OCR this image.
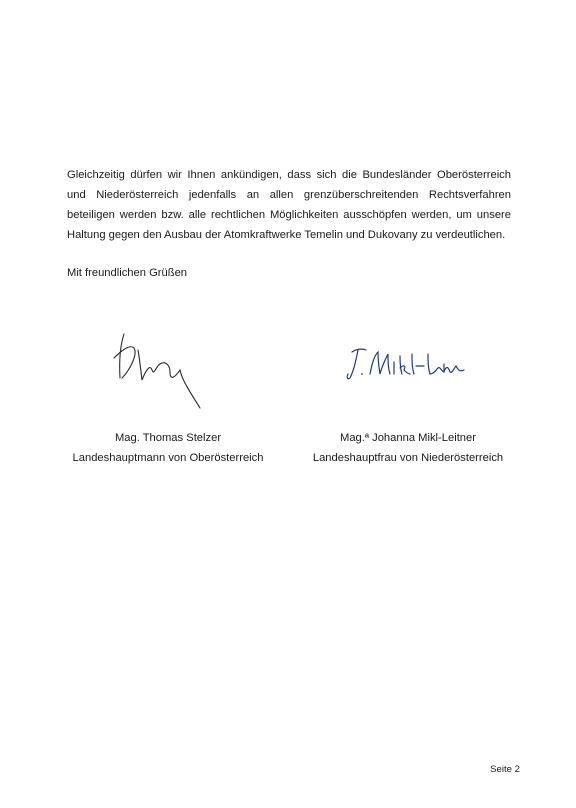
Gleichzeitig dürfen wir Ihnen ankündigen, dass sich die Bundesländer Oberösterreich und Niederösterreich jedenfalls an allen grenzüberschreitenden Rechtsverfahren beteiligen werden bzw. alle rechtlichen Möglichkeiten ausschöpfen werden, um unsere Haltung gegen den Ausbau der Atomkraftwerke Temelin und Dukovany zu verdeutlichen.

Mit freundlichen Grüßen
Mag. Thomas Stelzer
Landeshauptmann von Oberösterreich
Mag.ª Johanna Mikl-Leitner
Landeshauptfrau von Niederösterreich
Seite 2
